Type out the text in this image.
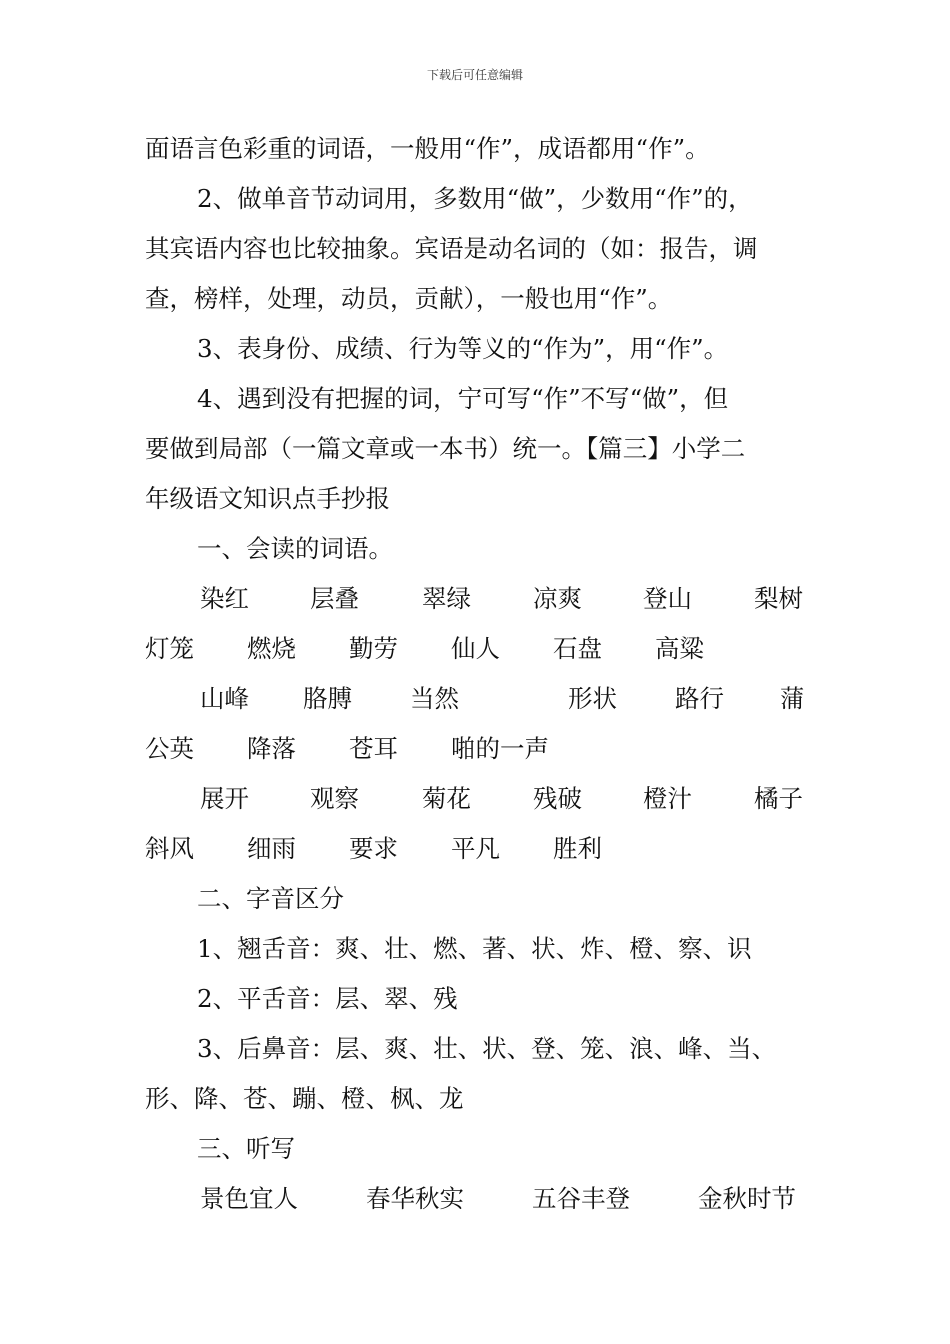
下载后可任意编辑
面语言色彩重的词语，一般用“作”，成语都用“作”。
2、做单音节动词用，多数用“做”，少数用“作”的，
其宾语内容也比较抽象。宾语是动名词的（如：报告，调
查，榜样，处理，动员，贡献），一般也用“作”。
3、表身份、成绩、行为等义的“作为”，用“作”。
4、遇到没有把握的词，宁可写“作”不写“做”，但
要做到局部（一篇文章或一本书）统一。【篇三】小学二
年级语文知识点手抄报
一、会读的词语。
染红 层叠	翠绿	凉爽 登山	梨树
灯笼 燃烧 勤劳 仙人 石盘 高粱
山峰 胳膊 当然	形状 路行 蒲
公英 降落 苍耳 啪的一声
展开 观察	菊花	残破 橙汁	橘子
斜风 细雨 要求 平凡 胜利
二、字音区分
1、翘舌音：爽、壮、燃、著、状、炸、橙、察、识
2、平舌音：层、翠、残
3、后鼻音：层、爽、壮、状、登、笼、浪、峰、当、
形、降、苍、蹦、橙、枫、龙
三、听写
景色宜人	春华秋实	五谷丰登	金秋时节
